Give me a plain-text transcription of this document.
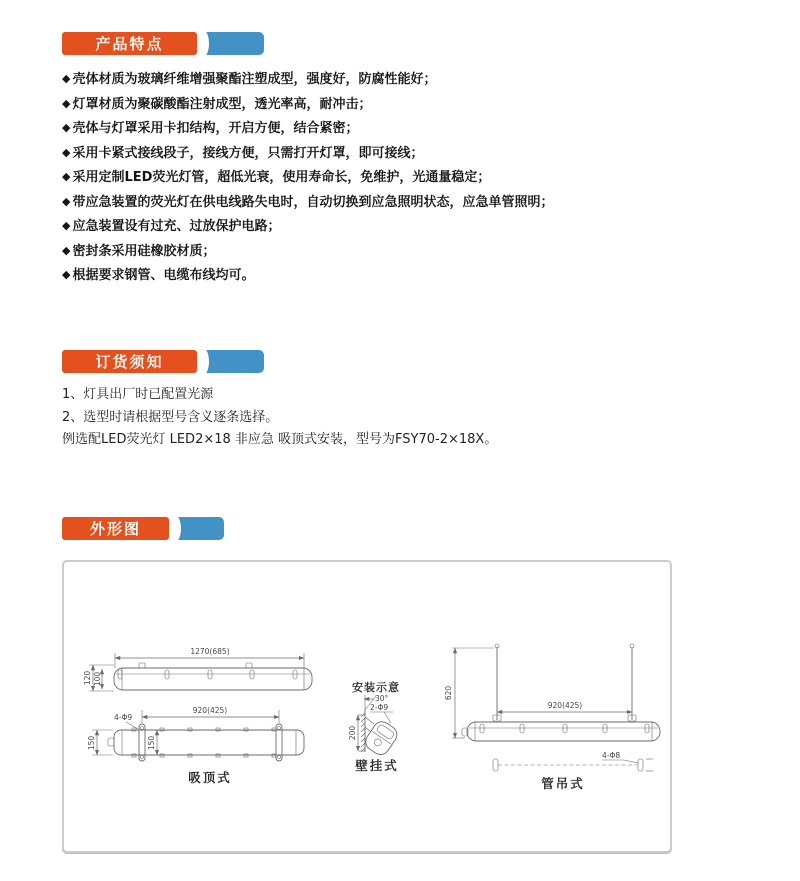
产品特点
◆ 壳体材质为玻璃纤维增强聚酯注塑成型，强度好，防腐性能好；
◆ 灯罩材质为聚碳酸酯注射成型，透光率高，耐冲击；
◆ 壳体与灯罩采用卡扣结构，开启方便，结合紧密；
◆ 采用卡紧式接线段子，接线方便，只需打开灯罩，即可接线；
◆ 采用定制LED荧光灯管，超低光衰，使用寿命长，免维护，光通量稳定；
◆ 带应急装置的荧光灯在供电线路失电时，自动切换到应急照明状态，应急单管照明；
◆ 应急装置设有过充、过放保护电路；
◆ 密封条采用硅橡胶材质；
◆ 根据要求钢管、电缆布线均可。
订货须知
1、灯具出厂时已配置光源
2、选型时请根据型号含义逐条选择。
例选配LED荧光灯 LED2×18 非应急 吸顶式安装，型号为FSY70-2×18X。
外形图
1270(685)
120 100
4-Φ9
920(425)
150	150
吸顶式
安装示意
30°
2-Φ9
200
壁挂式
620
920(425)
4-Φ8
管吊式
